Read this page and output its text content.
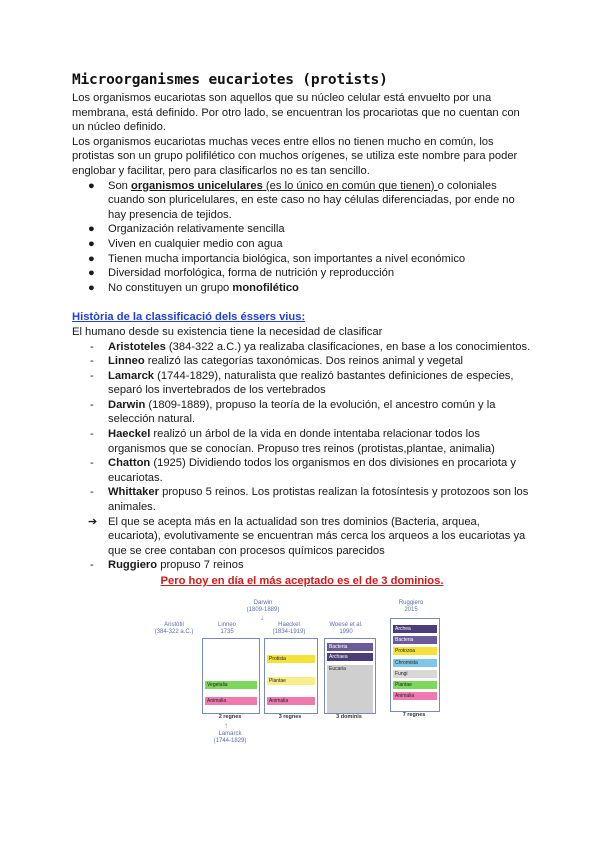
Microorganismes eucariotes (protists)

Los organismos eucariotas son aquellos que su núcleo celular está envuelto por una membrana, está definido. Por otro lado, se encuentran los procariotas que no cuentan con un núcleo definido.

Los organismos eucariotas muchas veces entre ellos no tienen mucho en común, los protistas son un grupo polifilético con muchos orígenes, se utiliza este nombre para poder englobar y facilitar, pero para clasificarlos no es tan sencillo.

● Son organismos unicelulares (es lo único en común que tienen) o coloniales cuando son pluricelulares, en este caso no hay células diferenciadas, por ende no hay presencia de tejidos.
● Organización relativamente sencilla
● Viven en cualquier medio con agua
● Tienen mucha importancia biológica, son importantes a nivel económico
● Diversidad morfológica, forma de nutrición y reproducción
● No constituyen un grupo monofilético
Història de la classificació dels éssers vius:

El humano desde su existencia tiene la necesidad de clasificar

- Aristoteles (384-322 a.C.) ya realizaba clasificaciones, en base a los conocimientos.
- Linneo realizó las categorías taxonómicas. Dos reinos animal y vegetal
- Lamarck (1744-1829), naturalista que realizó bastantes definiciones de especies, separó los invertebrados de los vertebrados
- Darwin (1809-1889), propuso la teoría de la evolución, el ancestro común y la selección natural.
- Haeckel realizó un árbol de la vida en donde intentaba relacionar todos los organismos que se conocían. Propuso tres reinos (protistas,plantae, animalia)
- Chatton (1925) Dividiendo todos los organismos en dos divisiones en procariota y eucariotas.
- Whittaker propuso 5 reinos. Los protistas realizan la fotosíntesis y protozoos son los animales.
➔ El que se acepta más en la actualidad son tres dominios (Bacteria, arquea, eucariota), evolutivamente se encuentran más cerca los arqueos a los eucariotas ya que se cree contaban con procesos químicos parecidos
- Ruggiero propuso 7 reinos
Pero hoy en día el más aceptado es el de 3 dominios.
Darwin
(1809-1889)
↓
Aristòtil
(384-322 a.C.)
Linneo
1735
Haeckel
(1834-1919)
Woese et al.
1990
Ruggiero
2015
Vegetalia
Animalia
Protista
Plantae
Animalia
Bacteria
Archaea
Eucaria
Archea
Bacteria
Protozoa
Chromista
Fungi
Plantae
Animalia
2 regnes	3 regnes	3 dominis	7 regnes
↑
Lamarck
(1744-1829)
